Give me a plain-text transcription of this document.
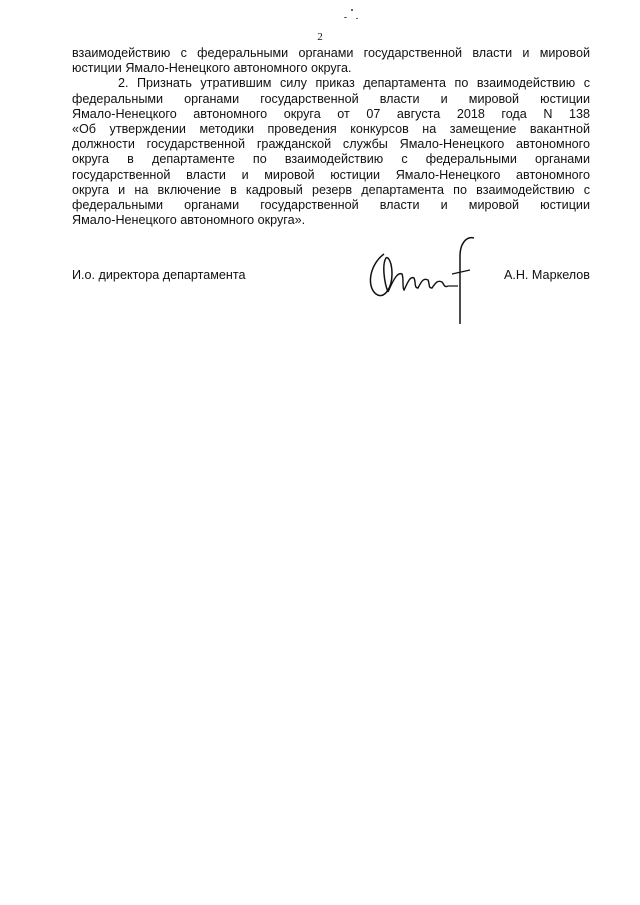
2

взаимодействию с федеральными органами государственной власти и мировой
юстиции Ямало-Ненецкого автономного округа.

2. Признать утратившим силу приказ департамента по взаимодействию с
федеральными органами государственной власти и мировой юстиции
Ямало-Ненецкого автономного округа от 07 августа 2018 года N 138
«Об утверждении методики проведения конкурсов на замещение вакантной
должности государственной гражданской службы Ямало-Ненецкого автономного
округа в департаменте по взаимодействию с федеральными органами
государственной власти и мировой юстиции Ямало-Ненецкого автономного
округа и на включение в кадровый резерв департамента по взаимодействию с
федеральными органами государственной власти и мировой юстиции
Ямало-Ненецкого автономного округа».

И.о. директора департамента	А.Н. Маркелов
